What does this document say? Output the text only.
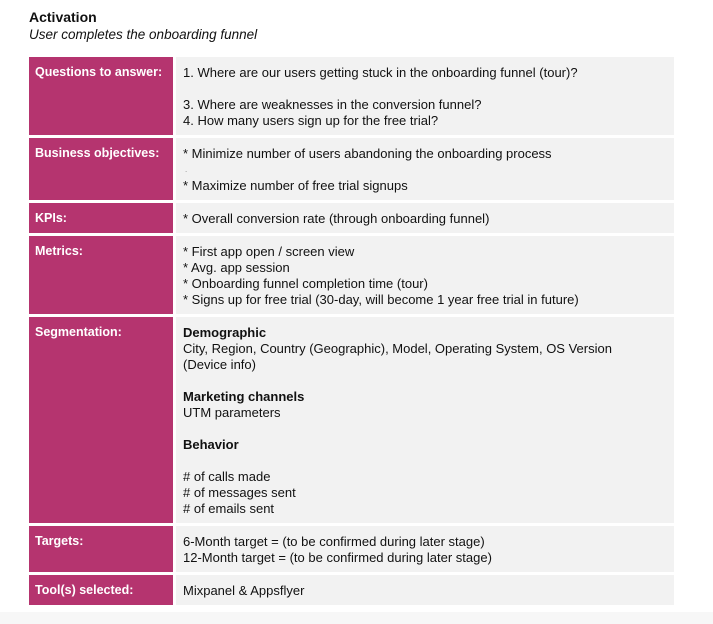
Activation

User completes the onboarding funnel

Questions to answer:	1. Where are our users getting stuck in the onboarding funnel (tour)?
3. Where are weaknesses in the conversion funnel?
4. How many users sign up for the free trial?
Business objectives:	* Minimize number of users abandoning the onboarding process
.
* Maximize number of free trial signups
KPIs:	* Overall conversion rate (through onboarding funnel)
Metrics:	* First app open / screen view
* Avg. app session
* Onboarding funnel completion time (tour)
* Signs up for free trial (30-day, will become 1 year free trial in future)
Segmentation:	Demographic
City, Region, Country (Geographic), Model, Operating System, OS Version
(Device info)
Marketing channels
UTM parameters
Behavior
# of calls made
# of messages sent
# of emails sent
Targets:	6-Month target = (to be confirmed during later stage)
12-Month target = (to be confirmed during later stage)
Tool(s) selected:	Mixpanel & Appsflyer
